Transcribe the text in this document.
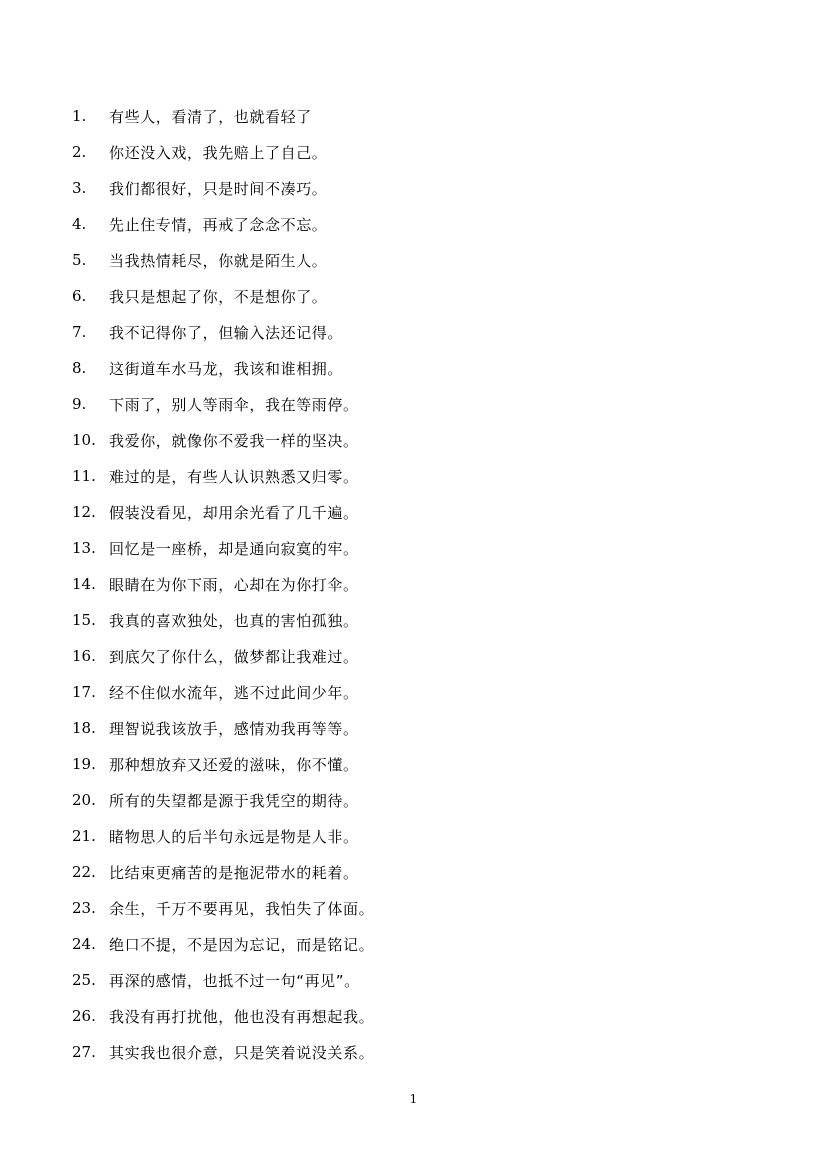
1.	有些人，看清了，也就看轻了
2.	你还没入戏，我先赔上了自己。
3.	我们都很好，只是时间不凑巧。
4.	先止住专情，再戒了念念不忘。
5.	当我热情耗尽，你就是陌生人。
6.	我只是想起了你，不是想你了。
7.	我不记得你了，但输入法还记得。
8.	这街道车水马龙，我该和谁相拥。
9.	下雨了，别人等雨伞，我在等雨停。
10. 我爱你，就像你不爱我一样的坚决。
11. 难过的是，有些人认识熟悉又归零。
12. 假装没看见，却用余光看了几千遍。
13. 回忆是一座桥，却是通向寂寞的牢。
14. 眼睛在为你下雨，心却在为你打伞。
15. 我真的喜欢独处，也真的害怕孤独。
16. 到底欠了你什么，做梦都让我难过。
17. 经不住似水流年，逃不过此间少年。
18. 理智说我该放手，感情劝我再等等。
19. 那种想放弃又还爱的滋味，你不懂。
20. 所有的失望都是源于我凭空的期待。
21. 睹物思人的后半句永远是物是人非。
22. 比结束更痛苦的是拖泥带水的耗着。
23. 余生，千万不要再见，我怕失了体面。
24. 绝口不提，不是因为忘记，而是铭记。
25. 再深的感情，也抵不过一句“再见”。
26. 我没有再打扰他，他也没有再想起我。
27. 其实我也很介意，只是笑着说没关系。
1
